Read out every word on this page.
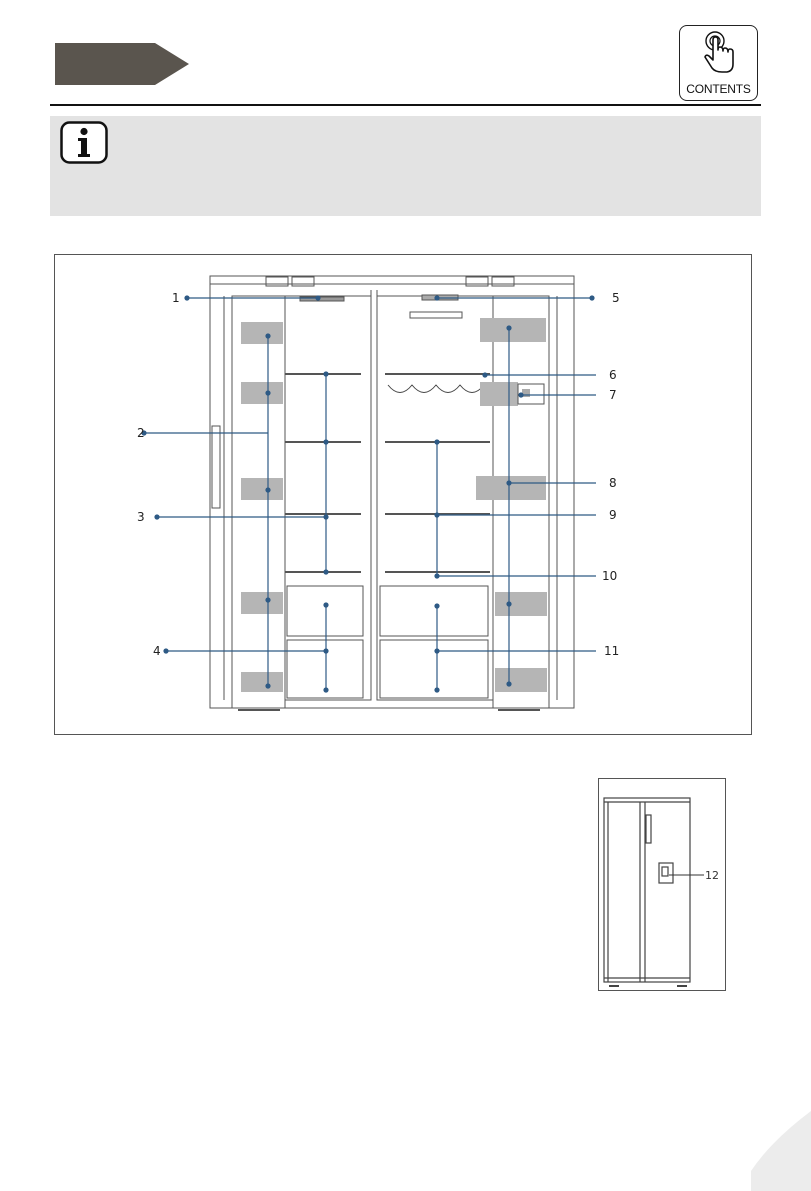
CONTENTS
1
2
3
4
5
6
7
8
9
10
11
12
